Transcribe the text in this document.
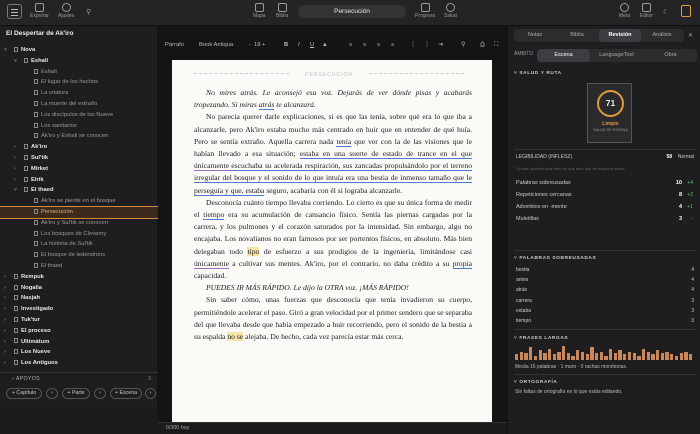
Exportar Ajustes ⚲	Mapa Biblia
Persecución
Progreso Salud	Meta Editor ☾
El Despertar de Ak'iro
˅	Nova
˅	Eshali
Eshali
El lugar de los hechos
La criatura
La muerte del extraño
Los discípulos de los Nueve
Los sanitarios
Ak'iro y Eshali se conocen
›	Ak'iro
›	Sul'tik
›	Mirket
›	Elrik
˅	El thaed
Ak'iro se pierde en el bosque
Persecución
Ak'iro y Sul'tik se conocen
Los bosques de Cleverny
La historia de Sul'tik
El bosque de ledendrons
El thaed
›	Rempuk
›	Nogalia
›	Nasjah
›	Investigado
›	Tuk'tur
›	El proceso
›	Ultimátum
›	Los Nueve
›	Los Antiguos
› APOYOS	3
+ Capítulo	‹	+ Parte	‹	+ Escena	›
Párrafo	Book Antiqua	- 18 +	B I U ▲	≡ ≡ ≡ ≡	⋮ ⋮ ⇥	⚲	⎙ ⛶
PERSECUCIÓN

No mires atrás. Le aconsejó esa voz. Dejarás de ver dónde pisas y acabarás tropezando. Si miras atrás te alcanzará.

No parecía querer darle explicaciones, si es que las tenía, sobre qué era lo que iba a alcanzarle, pero Ak'iro estaba mucho más centrado en huir que en entender de qué huía. Pero se sentía extraño. Aquella carrera nada tenía que ver con la de las visiones que le habían llevado a esa situación; estaba en una suerte de estado de trance en el que únicamente escuchaba su acelerada respiración, sus zancadas propulsándolo por el terreno irregular del bosque y el sonido de lo que intuía era una bestia de inmenso tamaño que le perseguía y que, estaba seguro, acabaría con él si lograba alcanzarle.

Desconocía cuánto tiempo llevaba corriendo. Lo cierto es que su única forma de medir el tiempo era su acumulación de cansancio físico. Sentía las piernas cargadas por la carrera, y los pulmones y el corazón saturados por la intensidad. Sin embargo, algo no encajaba. Los novalianos no eran famosos por ser portentos físicos, en absoluto. Más bien delegaban todo tipo de esfuerzo a sus prodigios de la ingeniería, limitándose casi únicamente a cultivar sus mentes. Ak'iro, por el contrario, no daba crédito a su propia capacidad.

PUEDES IR MÁS RÁPIDO. Le dijo la OTRA voz. ¡MÁS RÁPIDO!

Sin saber cómo, unas fuerzas que desconocía que tenía invadieron su cuerpo, permitiéndole acelerar el paso. Giró a gran velocidad por el primer sendero que se separaba del que llevaba desde que había empezado a huir recorriendo, pero el sonido de la bestia a su espalda no se alejaba. De hecho, cada vez parecía estar más cerca.

0/300 hoy
Notas	Biblia	Revisión	Análisis	✕
ÁMBITO	Escena	LanguageTool	Obra
˅ SALUD Y RUTA
71
Limpio
SALUD DE ESCENA
LEGIBILIDAD (INFLESZ)	58 Normal
Tu ruta: puedes usar bien en qué tono has de mayor a menor
Palabras sobreusadas	10 +4
Repeticiones cercanas	8 +2
Adverbios en -mente	4 +1
Muletillas	3 -
˅ PALABRAS SOBREUSADAS
bestia	4
antes	4
atrás	4
carrera	3
estaba	3
tiempo	3
˅ FRASES LARGAS
Media 16 palabras · 1 muro · 0 rachas monótonas.
˅ ORTOGRAFÍA
Sin faltas de ortografía en lo que estás editando.
